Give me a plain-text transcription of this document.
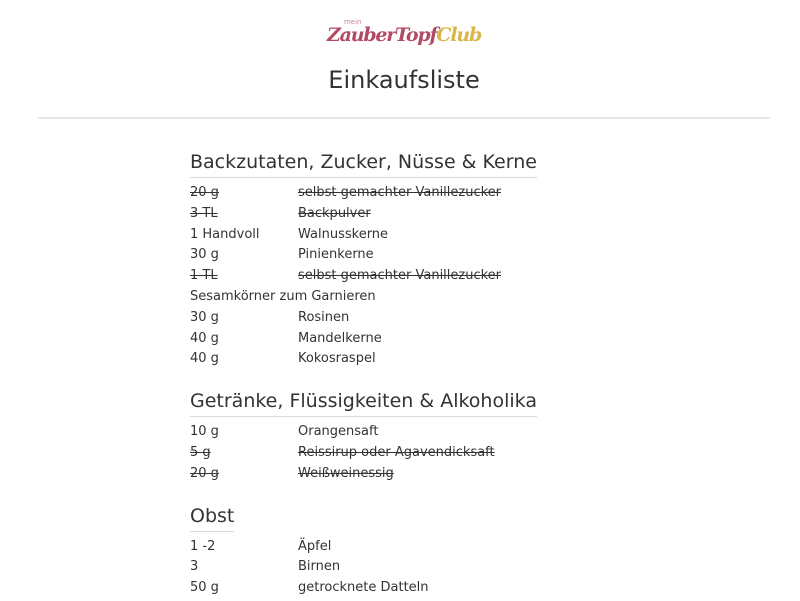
mein
ZauberTopfClub
Einkaufsliste
Backzutaten, Zucker, Nüsse & Kerne
20 g	selbst gemachter Vanillezucker
3 TL	Backpulver
1 Handvoll	Walnusskerne
30 g	Pinienkerne
1 TL	selbst gemachter Vanillezucker
Sesamkörner zum Garnieren
30 g	Rosinen
40 g	Mandelkerne
40 g	Kokosraspel
Getränke, Flüssigkeiten & Alkoholika
10 g	Orangensaft
5 g	Reissirup oder Agavendicksaft
20 g	Weißweinessig
Obst
1 -2	Äpfel
3	Birnen
50 g	getrocknete Datteln
